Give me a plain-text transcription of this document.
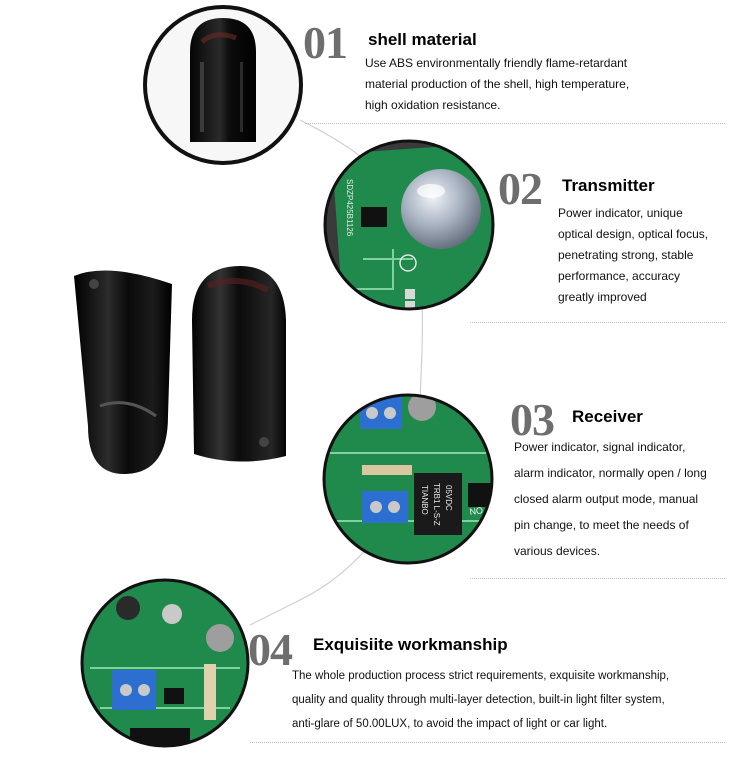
SDZP425B1126
TIANBO TRB1 L-S-Z 05VDC NO N
01 shell material
Use ABS environmentally friendly flame-retardant
material production of the shell, high temperature,
high oxidation resistance.
02 Transmitter
Power indicator, unique
optical design, optical focus,
penetrating strong, stable
performance, accuracy
greatly improved
03 Receiver
Power indicator, signal indicator,
alarm indicator, normally open / long
closed alarm output mode, manual
pin change, to meet the needs of
various devices.
04 Exquisiite workmanship
The whole production process strict requirements, exquisite workmanship,
quality and quality through multi-layer detection, built-in light filter system,
anti-glare of 50.00LUX, to avoid the impact of light or car light.
